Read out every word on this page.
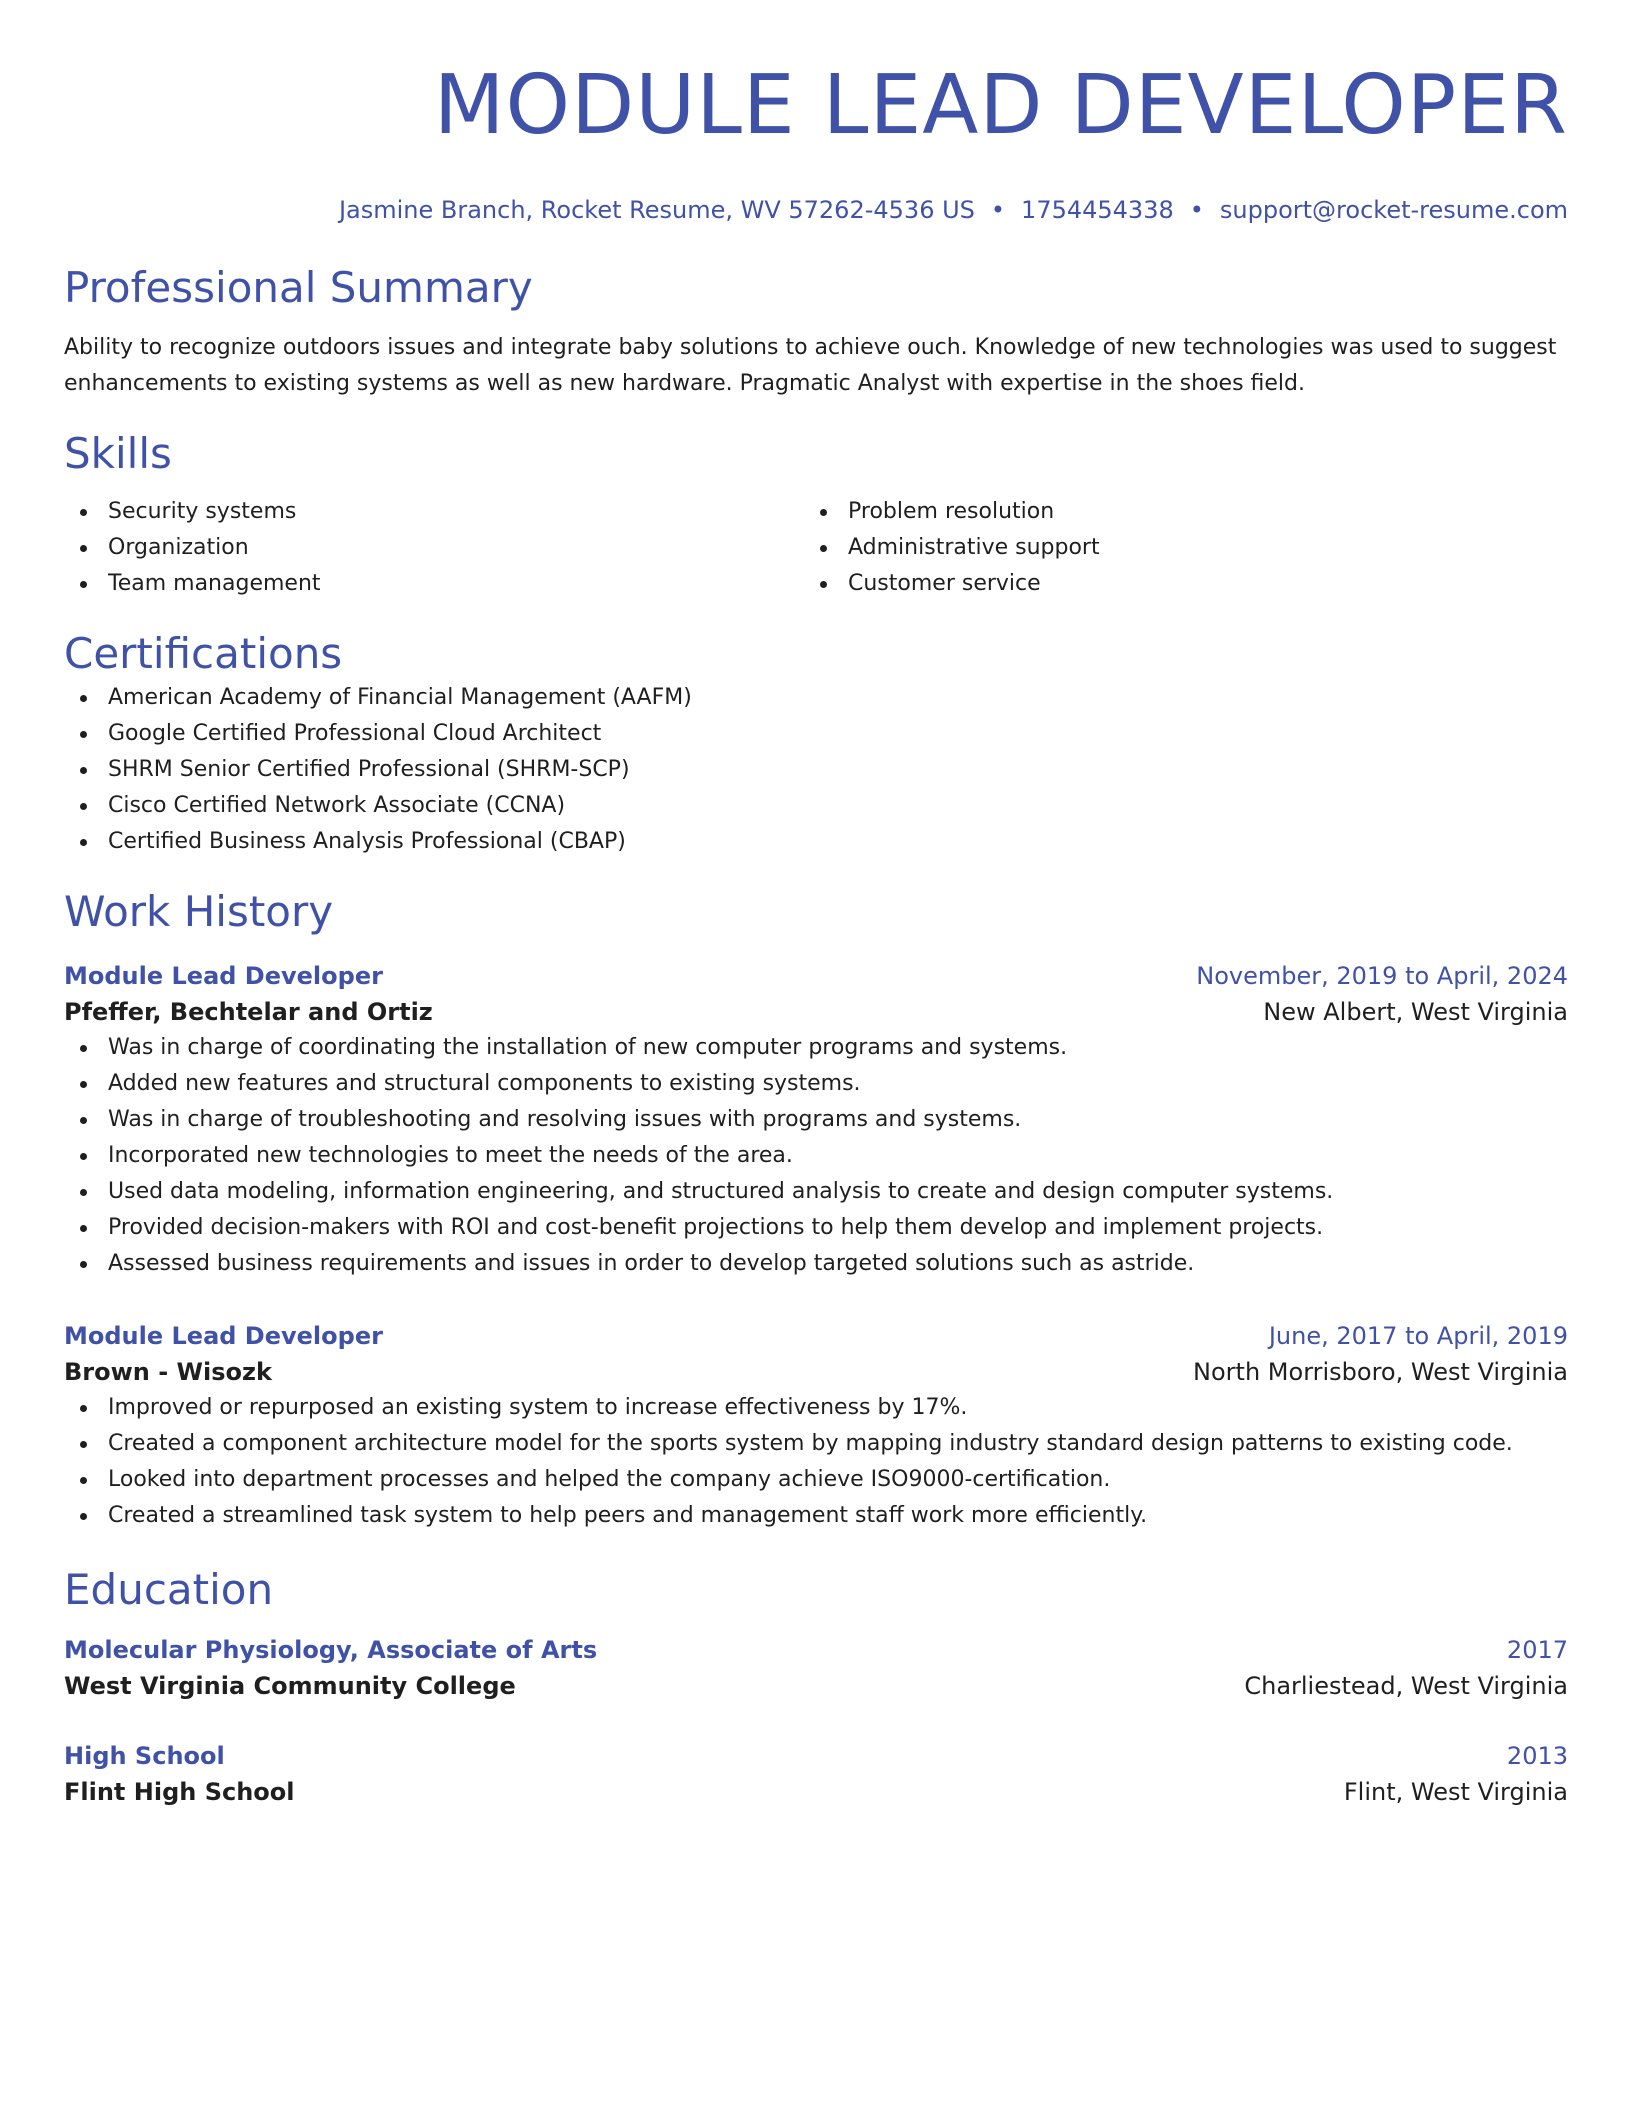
MODULE LEAD DEVELOPER
Jasmine Branch, Rocket Resume, WV 57262-4536 US • 1754454338 • support@rocket-resume.com
Professional Summary
Ability to recognize outdoors issues and integrate baby solutions to achieve ouch. Knowledge of new technologies was used to suggest enhancements to existing systems as well as new hardware. Pragmatic Analyst with expertise in the shoes field.
Skills
Security systems
Organization
Team management
Problem resolution
Administrative support
Customer service
Certifications
American Academy of Financial Management (AAFM)
Google Certified Professional Cloud Architect
SHRM Senior Certified Professional (SHRM-SCP)
Cisco Certified Network Associate (CCNA)
Certified Business Analysis Professional (CBAP)
Work History
Module Lead Developer	November, 2019 to April, 2024
Pfeffer, Bechtelar and Ortiz	New Albert, West Virginia
Was in charge of coordinating the installation of new computer programs and systems.
Added new features and structural components to existing systems.
Was in charge of troubleshooting and resolving issues with programs and systems.
Incorporated new technologies to meet the needs of the area.
Used data modeling, information engineering, and structured analysis to create and design computer systems.
Provided decision-makers with ROI and cost-benefit projections to help them develop and implement projects.
Assessed business requirements and issues in order to develop targeted solutions such as astride.
Module Lead Developer	June, 2017 to April, 2019
Brown - Wisozk	North Morrisboro, West Virginia
Improved or repurposed an existing system to increase effectiveness by 17%.
Created a component architecture model for the sports system by mapping industry standard design patterns to existing code.
Looked into department processes and helped the company achieve ISO9000-certification.
Created a streamlined task system to help peers and management staff work more efficiently.
Education
Molecular Physiology, Associate of Arts	2017
West Virginia Community College	Charliestead, West Virginia
High School	2013
Flint High School	Flint, West Virginia
